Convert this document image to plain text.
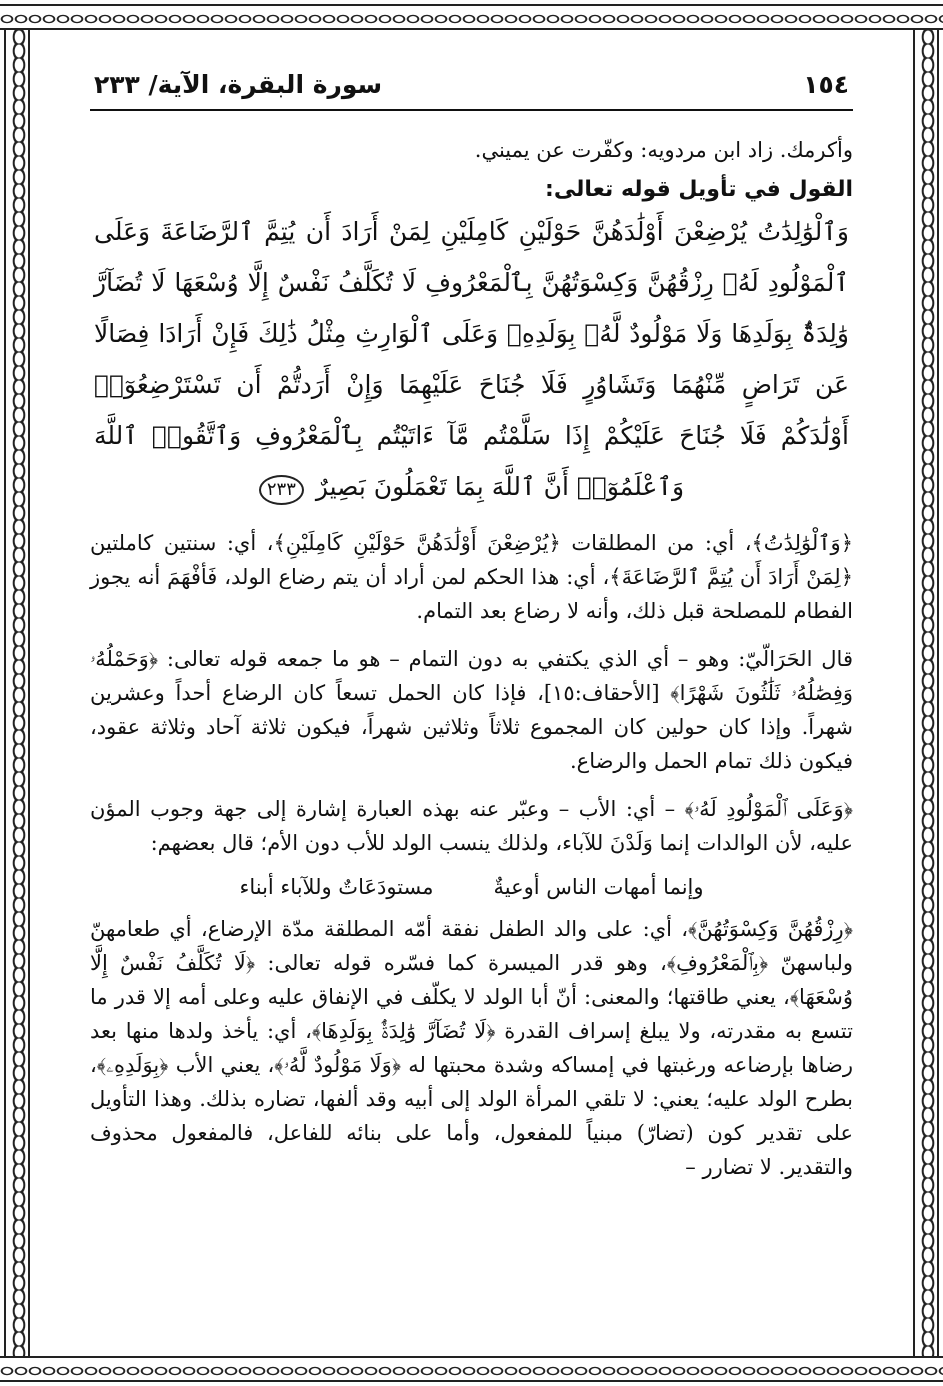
١٥٤
سورة البقرة، الآية/ ٢٣٣

وأكرمك. زاد ابن مردويه: وكفّرت عن يميني.

القول في تأويل قوله تعالى:
وَٱلْوَٰلِدَٰتُ يُرْضِعْنَ أَوْلَٰدَهُنَّ حَوْلَيْنِ كَامِلَيْنِ لِمَنْ أَرَادَ أَن يُتِمَّ ٱلرَّضَاعَةَ وَعَلَى ٱلْمَوْلُودِ لَهُۥ رِزْقُهُنَّ وَكِسْوَتُهُنَّ بِٱلْمَعْرُوفِ لَا تُكَلَّفُ نَفْسٌ إِلَّا وُسْعَهَا لَا تُضَآرَّ وَٰلِدَةٌۢ بِوَلَدِهَا وَلَا مَوْلُودٌ لَّهُۥ بِوَلَدِهِۦ وَعَلَى ٱلْوَارِثِ مِثْلُ ذَٰلِكَ فَإِنْ أَرَادَا فِصَالًا عَن تَرَاضٍ مِّنْهُمَا وَتَشَاوُرٍ فَلَا جُنَاحَ عَلَيْهِمَا وَإِنْ أَرَدتُّمْ أَن تَسْتَرْضِعُوٓا۟ أَوْلَٰدَكُمْ فَلَا جُنَاحَ عَلَيْكُمْ إِذَا سَلَّمْتُم مَّآ ءَاتَيْتُم بِٱلْمَعْرُوفِ وَٱتَّقُوا۟ ٱللَّهَ وَٱعْلَمُوٓا۟ أَنَّ ٱللَّهَ بِمَا تَعْمَلُونَ بَصِيرٌ ٢٣٣

﴿وَٱلْوَٰلِدَٰتُ﴾، أي: من المطلقات ﴿يُرْضِعْنَ أَوْلَٰدَهُنَّ حَوْلَيْنِ كَامِلَيْنِ﴾، أي: سنتين كاملتين ﴿لِمَنْ أَرَادَ أَن يُتِمَّ ٱلرَّضَاعَةَ﴾، أي: هذا الحكم لمن أراد أن يتم رضاع الولد، فَأفْهَمَ أنه يجوز الفطام للمصلحة قبل ذلك، وأنه لا رضاع بعد التمام.

قال الحَرَالّيّ: وهو – أي الذي يكتفي به دون التمام – هو ما جمعه قوله تعالى: ﴿وَحَمْلُهُۥ وَفِصَٰلُهُۥ ثَلَٰثُونَ شَهْرًا﴾ [الأحقاف:١٥]، فإذا كان الحمل تسعاً كان الرضاع أحداً وعشرين شهراً. وإذا كان حولين كان المجموع ثلاثاً وثلاثين شهراً، فيكون ثلاثة آحاد وثلاثة عقود، فيكون ذلك تمام الحمل والرضاع.

﴿وَعَلَى ٱلْمَوْلُودِ لَهُۥ﴾ – أي: الأب – وعبّر عنه بهذه العبارة إشارة إلى جهة وجوب المؤن عليه، لأن الوالدات إنما وَلَدْنَ للآباء، ولذلك ينسب الولد للأب دون الأم؛ قال بعضهم:

وإنما أمهات الناس أوعيةٌ
مستودَعَاتٌ وللآباء أبناء

﴿رِزْقُهُنَّ وَكِسْوَتُهُنَّ﴾، أي: على والد الطفل نفقة أمّه المطلقة مدّة الإرضاع، أي طعامهنّ ولباسهنّ ﴿بِٱلْمَعْرُوفِ﴾، وهو قدر الميسرة كما فسّره قوله تعالى: ﴿لَا تُكَلَّفُ نَفْسٌ إِلَّا وُسْعَهَا﴾، يعني طاقتها؛ والمعنى: أنّ أبا الولد لا يكلّف في الإنفاق عليه وعلى أمه إلا قدر ما تتسع به مقدرته، ولا يبلغ إسراف القدرة ﴿لَا تُضَآرَّ وَٰلِدَةٌۢ بِوَلَدِهَا﴾، أي: يأخذ ولدها منها بعد رضاها بإرضاعه ورغبتها في إمساكه وشدة محبتها له ﴿وَلَا مَوْلُودٌ لَّهُۥ﴾، يعني الأب ﴿بِوَلَدِهِۦ﴾، بطرح الولد عليه؛ يعني: لا تلقي المرأة الولد إلى أبيه وقد ألفها، تضاره بذلك. وهذا التأويل على تقدير كون (تضارّ) مبنياً للمفعول، وأما على بنائه للفاعل، فالمفعول محذوف والتقدير. لا تضارر –
